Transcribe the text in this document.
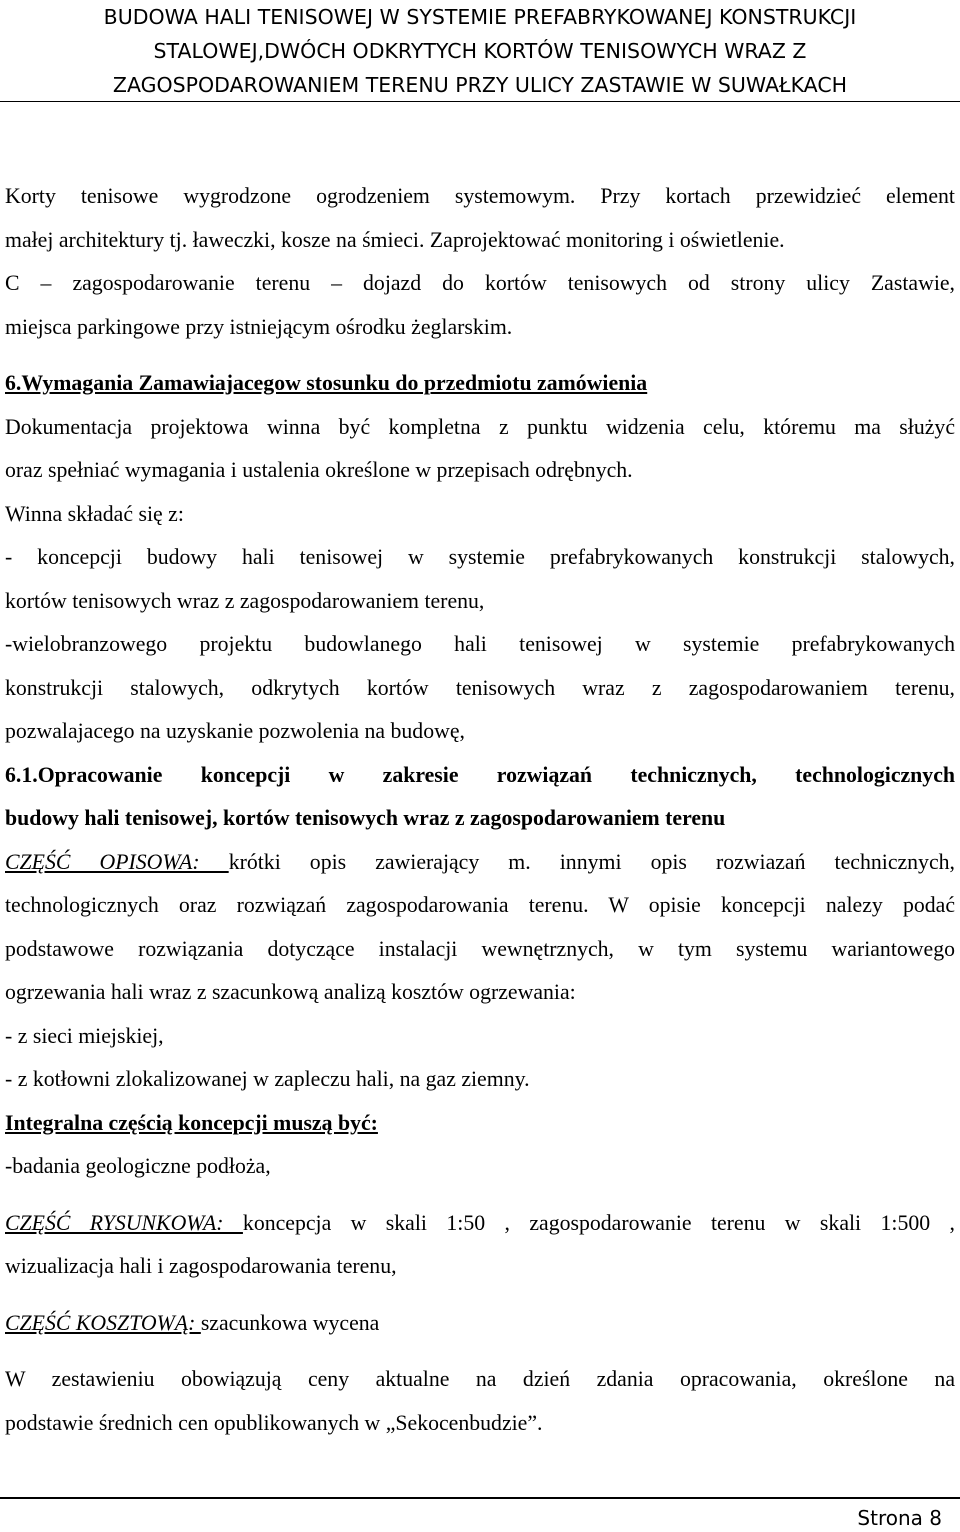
BUDOWA HALI TENISOWEJ W SYSTEMIE PREFABRYKOWANEJ KONSTRUKCJI
STALOWEJ,DWÓCH ODKRYTYCH KORTÓW TENISOWYCH WRAZ Z
ZAGOSPODAROWANIEM TERENU PRZY ULICY ZASTAWIE W SUWAŁKACH

Korty tenisowe wygrodzone ogrodzeniem systemowym. Przy kortach przewidzieć element

małej architektury tj. ławeczki, kosze na śmieci. Zaprojektować monitoring i oświetlenie.

C – zagospodarowanie terenu – dojazd do kortów tenisowych od strony ulicy Zastawie,

miejsca parkingowe przy istniejącym ośrodku żeglarskim.

6.Wymagania Zamawiajacegow stosunku do przedmiotu zamówienia

Dokumentacja projektowa winna być kompletna z punktu widzenia celu, któremu ma służyć

oraz spełniać wymagania i ustalenia określone w przepisach odrębnych.

Winna składać się z:

- koncepcji budowy hali tenisowej w systemie prefabrykowanych konstrukcji stalowych,

kortów tenisowych wraz z zagospodarowaniem terenu,

-wielobranzowego projektu budowlanego hali tenisowej w systemie prefabrykowanych

konstrukcji stalowych, odkrytych kortów tenisowych wraz z zagospodarowaniem terenu,

pozwalajacego na uzyskanie pozwolenia na budowę,

6.1.Opracowanie koncepcji w zakresie rozwiązań technicznych, technologicznych

budowy hali tenisowej, kortów tenisowych wraz z zagospodarowaniem terenu

CZĘŚĆ OPISOWA: krótki opis zawierający m. innymi opis rozwiazań technicznych,

technologicznych oraz rozwiązań zagospodarowania terenu. W opisie koncepcji nalezy podać

podstawowe rozwiązania dotyczące instalacji wewnętrznych, w tym systemu wariantowego

ogrzewania hali wraz z szacunkową analizą kosztów ogrzewania:

- z sieci miejskiej,

- z kotłowni zlokalizowanej w zapleczu hali, na gaz ziemny.

Integralna częścią koncepcji muszą być:

-badania geologiczne podłoża,

CZĘŚĆ RYSUNKOWA: koncepcja w skali 1:50 , zagospodarowanie terenu w skali 1:500 ,

wizualizacja hali i zagospodarowania terenu,

CZĘŚĆ KOSZTOWĄ: szacunkowa wycena

W zestawieniu obowiązują ceny aktualne na dzień zdania opracowania, określone na

podstawie średnich cen opublikowanych w „Sekocenbudzie”.

Strona 8
